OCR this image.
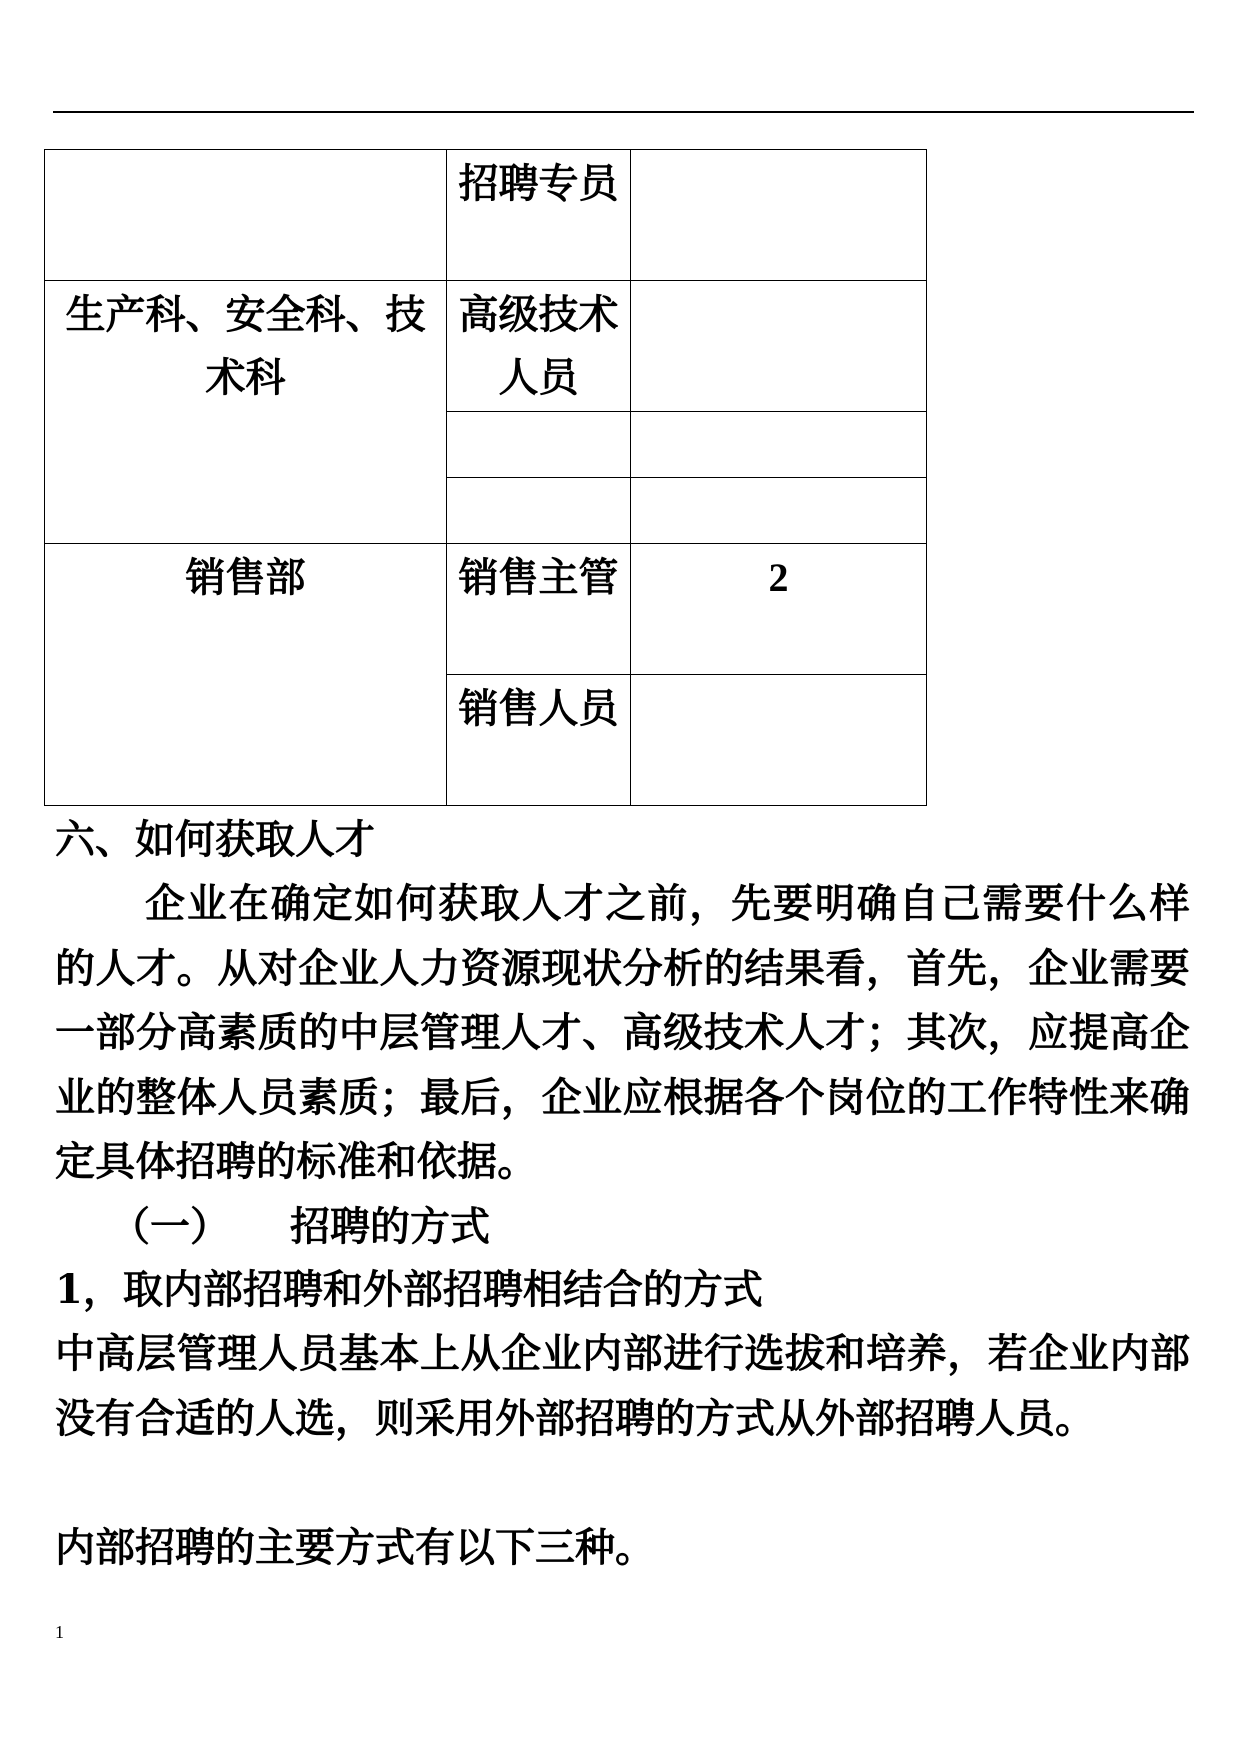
	招聘专员	

生产科、安全科、技术科	高级技术人员	

销售部	销售主管	2

	销售人员	

六、如何获取人才
企业在确定如何获取人才之前，先要明确自己需要什么样的人才。从对企业人力资源现状分析的结果看，首先，企业需要一部分高素质的中层管理人才、高级技术人才；其次，应提高企业的整体人员素质；最后，企业应根据各个岗位的工作特性来确定具体招聘的标准和依据。
（一） 招聘的方式
1，取内部招聘和外部招聘相结合的方式
中高层管理人员基本上从企业内部进行选拔和培养，若企业内部没有合适的人选，则采用外部招聘的方式从外部招聘人员。
内部招聘的主要方式有以下三种。
1
